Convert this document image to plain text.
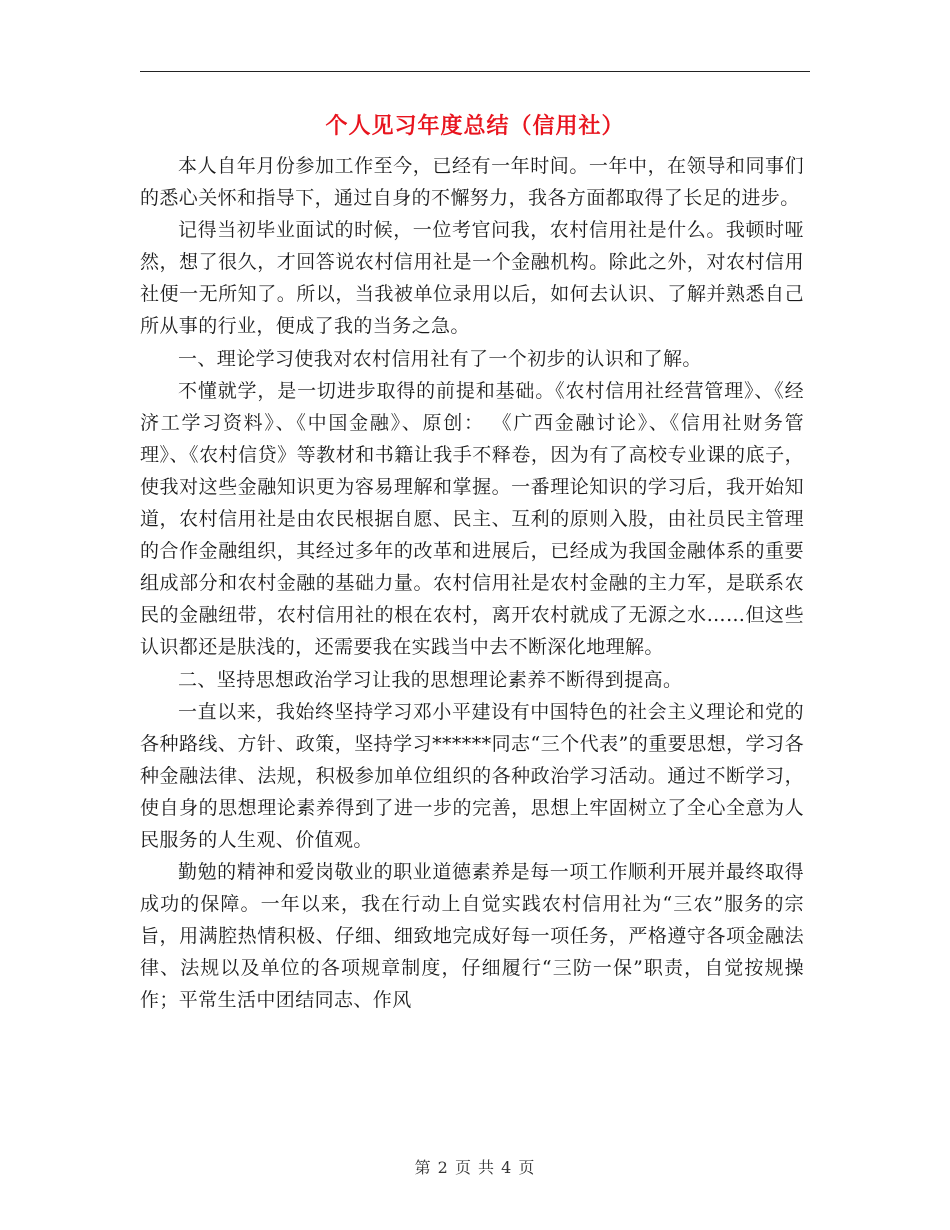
个人见习年度总结（信用社）

本人自年月份参加工作至今，已经有一年时间。一年中，在领导和同事们的悉心关怀和指导下，通过自身的不懈努力，我各方面都取得了长足的进步。

记得当初毕业面试的时候，一位考官问我，农村信用社是什么。我顿时哑然，想了很久，才回答说农村信用社是一个金融机构。除此之外，对农村信用社便一无所知了。所以，当我被单位录用以后，如何去认识、了解并熟悉自己所从事的行业，便成了我的当务之急。

一、理论学习使我对农村信用社有了一个初步的认识和了解。

不懂就学，是一切进步取得的前提和基础。《农村信用社经营管理》、《经济工学习资料》、《中国金融》、原创： 《广西金融讨论》、《信用社财务管理》、《农村信贷》等教材和书籍让我手不释卷，因为有了高校专业课的底子，使我对这些金融知识更为容易理解和掌握。一番理论知识的学习后，我开始知道，农村信用社是由农民根据自愿、民主、互利的原则入股，由社员民主管理的合作金融组织，其经过多年的改革和进展后，已经成为我国金融体系的重要组成部分和农村金融的基础力量。农村信用社是农村金融的主力军，是联系农民的金融纽带，农村信用社的根在农村，离开农村就成了无源之水……但这些认识都还是肤浅的，还需要我在实践当中去不断深化地理解。

二、坚持思想政治学习让我的思想理论素养不断得到提高。

一直以来，我始终坚持学习邓小平建设有中国特色的社会主义理论和党的各种路线、方针、政策，坚持学习******同志“三个代表”的重要思想，学习各种金融法律、法规，积极参加单位组织的各种政治学习活动。通过不断学习，使自身的思想理论素养得到了进一步的完善，思想上牢固树立了全心全意为人民服务的人生观、价值观。

勤勉的精神和爱岗敬业的职业道德素养是每一项工作顺利开展并最终取得成功的保障。一年以来，我在行动上自觉实践农村信用社为“三农”服务的宗旨，用满腔热情积极、仔细、细致地完成好每一项任务，严格遵守各项金融法律、法规以及单位的各项规章制度，仔细履行“三防一保”职责，自觉按规操作；平常生活中团结同志、作风

第 2 页 共 4 页
